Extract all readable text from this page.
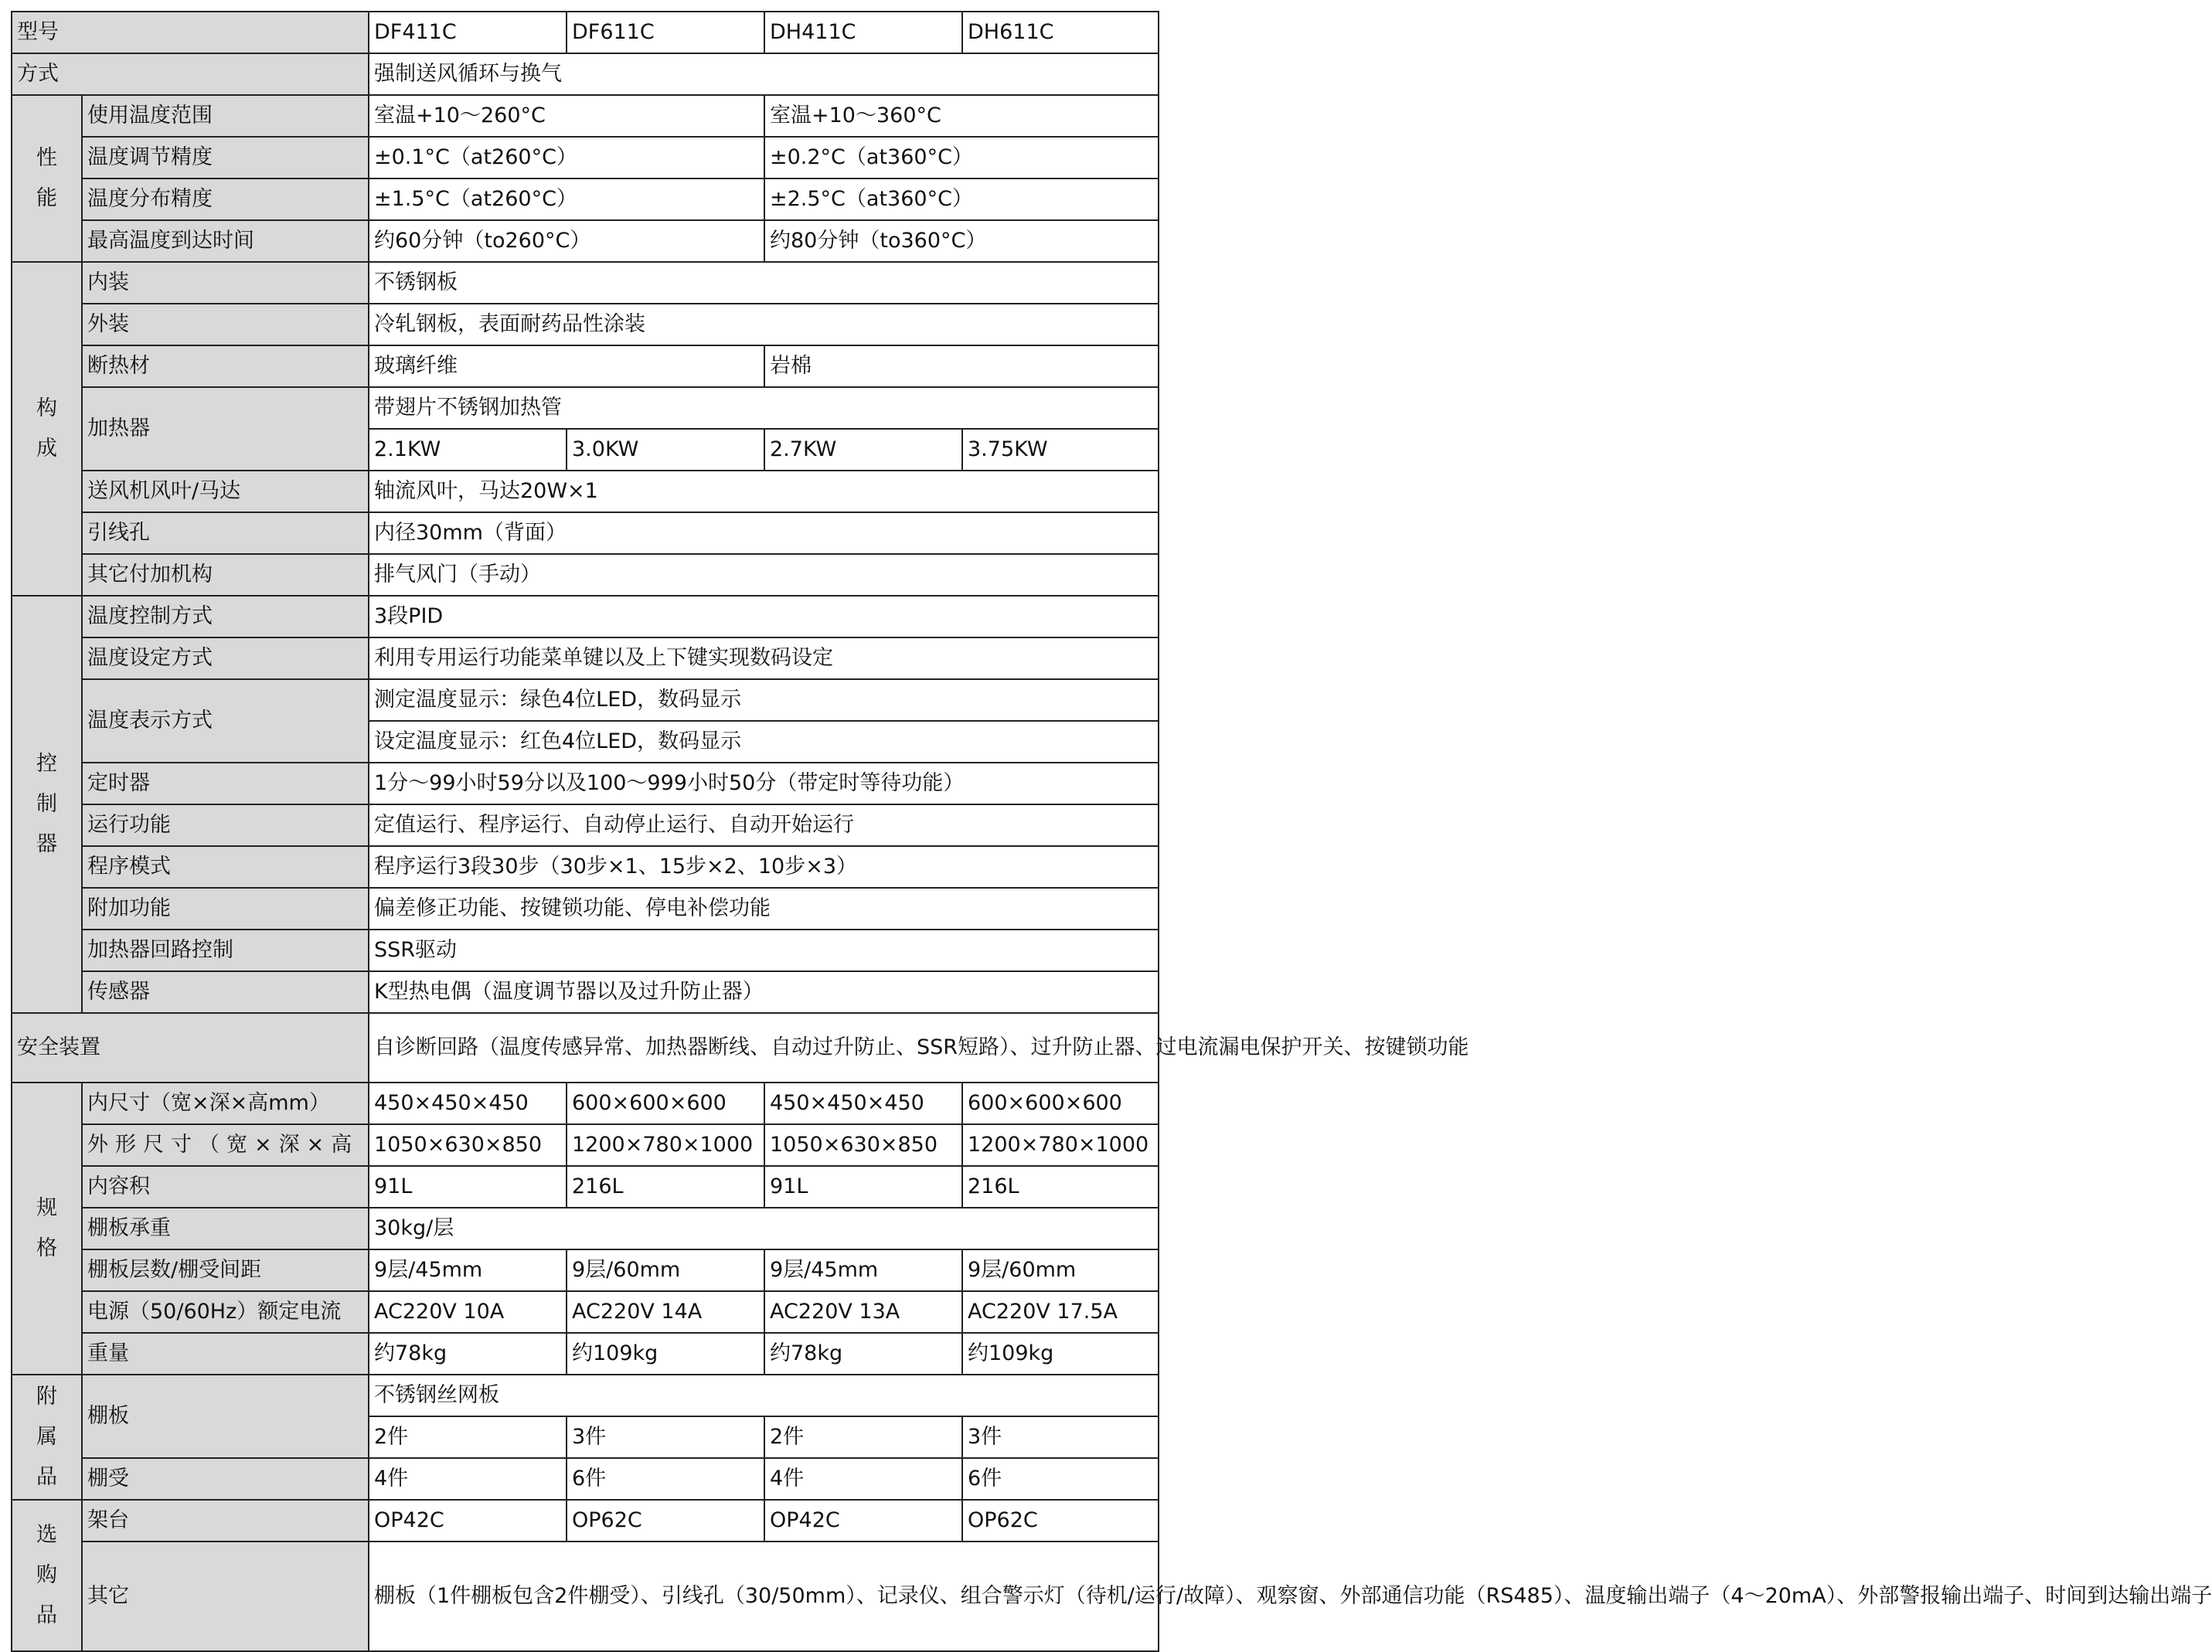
型号		DF411C	DF611C	DH411C	DH611C
方式		强制送风循环与换气			

性
能	使用温度范围	室温+10～260°C		室温+10～360°C	
	温度调节精度	±0.1°C（at260°C）		±0.2°C（at360°C）	
	温度分布精度	±1.5°C（at260°C）		±2.5°C（at360°C）	
	最高温度到达时间	约60分钟（to260°C）		约80分钟（to360°C）	

构
成	内装	不锈钢板			
	外装	冷轧钢板，表面耐药品性涂装			
	断热材	玻璃纤维		岩棉	
	加热器	带翅片不锈钢加热管			
		2.1KW	3.0KW	2.7KW	3.75KW
	送风机风叶/马达	轴流风叶，马达20W×1			
	引线孔	内径30mm（背面）			
	其它付加机构	排气风门（手动）			

控
制
器	温度控制方式	3段PID			
	温度设定方式	利用专用运行功能菜单键以及上下键实现数码设定			
	温度表示方式	测定温度显示：绿色4位LED，数码显示			
		设定温度显示：红色4位LED，数码显示			
	定时器	1分～99小时59分以及100～999小时50分（带定时等待功能）			
	运行功能	定值运行、程序运行、自动停止运行、自动开始运行			
	程序模式	程序运行3段30步（30步×1、15步×2、10步×3）			
	附加功能	偏差修正功能、按键锁功能、停电补偿功能			
	加热器回路控制	SSR驱动			
	传感器	K型热电偶（温度调节器以及过升防止器）			
安全装置		自诊断回路（温度传感异常、加热器断线、自动过升防止、SSR短路）、过升防止器、过电流漏电保护开关、按键锁功能			

规
格	内尺寸（宽×深×高mm）	450×450×450	600×600×600	450×450×450	600×600×600
	外形尺寸（宽×深×高	1050×630×850	1200×780×1000	1050×630×850	1200×780×1000
	内容积	91L	216L	91L	216L
	棚板承重	30kg/层			
	棚板层数/棚受间距	9层/45mm	9层/60mm	9层/45mm	9层/60mm
	电源（50/60Hz）额定电流	AC220V 10A	AC220V 14A	AC220V 13A	AC220V 17.5A
	重量	约78kg	约109kg	约78kg	约109kg

附
属
品	棚板	不锈钢丝网板			
		2件	3件	2件	3件
	棚受	4件	6件	4件	6件

选
购
品	架台	OP42C	OP62C	OP42C	OP62C
	其它	棚板（1件棚板包含2件棚受）、引线孔（30/50mm）、记录仪、组合警示灯（待机/运行/故障）、观察窗、外部通信功能（RS485）、温度输出端子（4～20mA）、外部警报输出端子、时间到达输出端子			
